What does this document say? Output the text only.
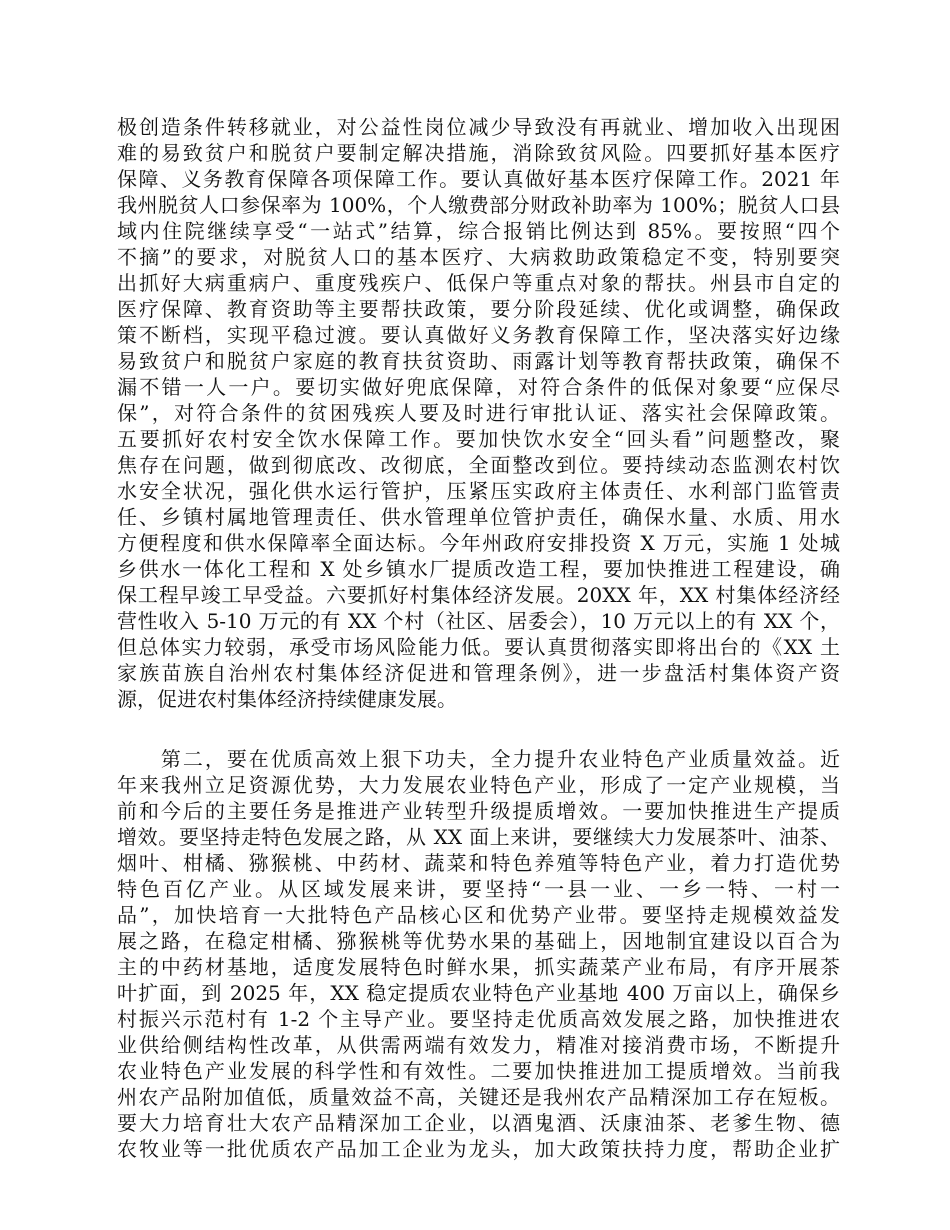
极创造条件转移就业，对公益性岗位减少导致没有再就业、增加收入出现困
难的易致贫户和脱贫户要制定解决措施，消除致贫风险。四要抓好基本医疗
保障、义务教育保障各项保障工作。要认真做好基本医疗保障工作。2021 年
我州脱贫人口参保率为 100%，个人缴费部分财政补助率为 100%；脱贫人口县
域内住院继续享受“一站式”结算，综合报销比例达到 85%。要按照“四个
不摘”的要求，对脱贫人口的基本医疗、大病救助政策稳定不变，特别要突
出抓好大病重病户、重度残疾户、低保户等重点对象的帮扶。州县市自定的
医疗保障、教育资助等主要帮扶政策，要分阶段延续、优化或调整，确保政
策不断档，实现平稳过渡。要认真做好义务教育保障工作，坚决落实好边缘
易致贫户和脱贫户家庭的教育扶贫资助、雨露计划等教育帮扶政策，确保不
漏不错一人一户。要切实做好兜底保障，对符合条件的低保对象要“应保尽
保”，对符合条件的贫困残疾人要及时进行审批认证、落实社会保障政策。
五要抓好农村安全饮水保障工作。要加快饮水安全“回头看”问题整改，聚
焦存在问题，做到彻底改、改彻底，全面整改到位。要持续动态监测农村饮
水安全状况，强化供水运行管护，压紧压实政府主体责任、水利部门监管责
任、乡镇村属地管理责任、供水管理单位管护责任，确保水量、水质、用水
方便程度和供水保障率全面达标。今年州政府安排投资 X 万元，实施 1 处城
乡供水一体化工程和 X 处乡镇水厂提质改造工程，要加快推进工程建设，确
保工程早竣工早受益。六要抓好村集体经济发展。20XX 年，XX 村集体经济经
营性收入 5-10 万元的有 XX 个村（社区、居委会），10 万元以上的有 XX 个，
但总体实力较弱，承受市场风险能力低。要认真贯彻落实即将出台的《XX 土
家族苗族自治州农村集体经济促进和管理条例》，进一步盘活村集体资产资
源，促进农村集体经济持续健康发展。
　　第二，要在优质高效上狠下功夫，全力提升农业特色产业质量效益。近
年来我州立足资源优势，大力发展农业特色产业，形成了一定产业规模，当
前和今后的主要任务是推进产业转型升级提质增效。一要加快推进生产提质
增效。要坚持走特色发展之路，从 XX 面上来讲，要继续大力发展茶叶、油茶、
烟叶、柑橘、猕猴桃、中药材、蔬菜和特色养殖等特色产业，着力打造优势
特色百亿产业。从区域发展来讲，要坚持“一县一业、一乡一特、一村一
品”，加快培育一大批特色产品核心区和优势产业带。要坚持走规模效益发
展之路，在稳定柑橘、猕猴桃等优势水果的基础上，因地制宜建设以百合为
主的中药材基地，适度发展特色时鲜水果，抓实蔬菜产业布局，有序开展茶
叶扩面，到 2025 年，XX 稳定提质农业特色产业基地 400 万亩以上，确保乡
村振兴示范村有 1-2 个主导产业。要坚持走优质高效发展之路，加快推进农
业供给侧结构性改革，从供需两端有效发力，精准对接消费市场，不断提升
农业特色产业发展的科学性和有效性。二要加快推进加工提质增效。当前我
州农产品附加值低，质量效益不高，关键还是我州农产品精深加工存在短板。
要大力培育壮大农产品精深加工企业，以酒鬼酒、沃康油茶、老爹生物、德
农牧业等一批优质农产品加工企业为龙头，加大政策扶持力度，帮助企业扩
